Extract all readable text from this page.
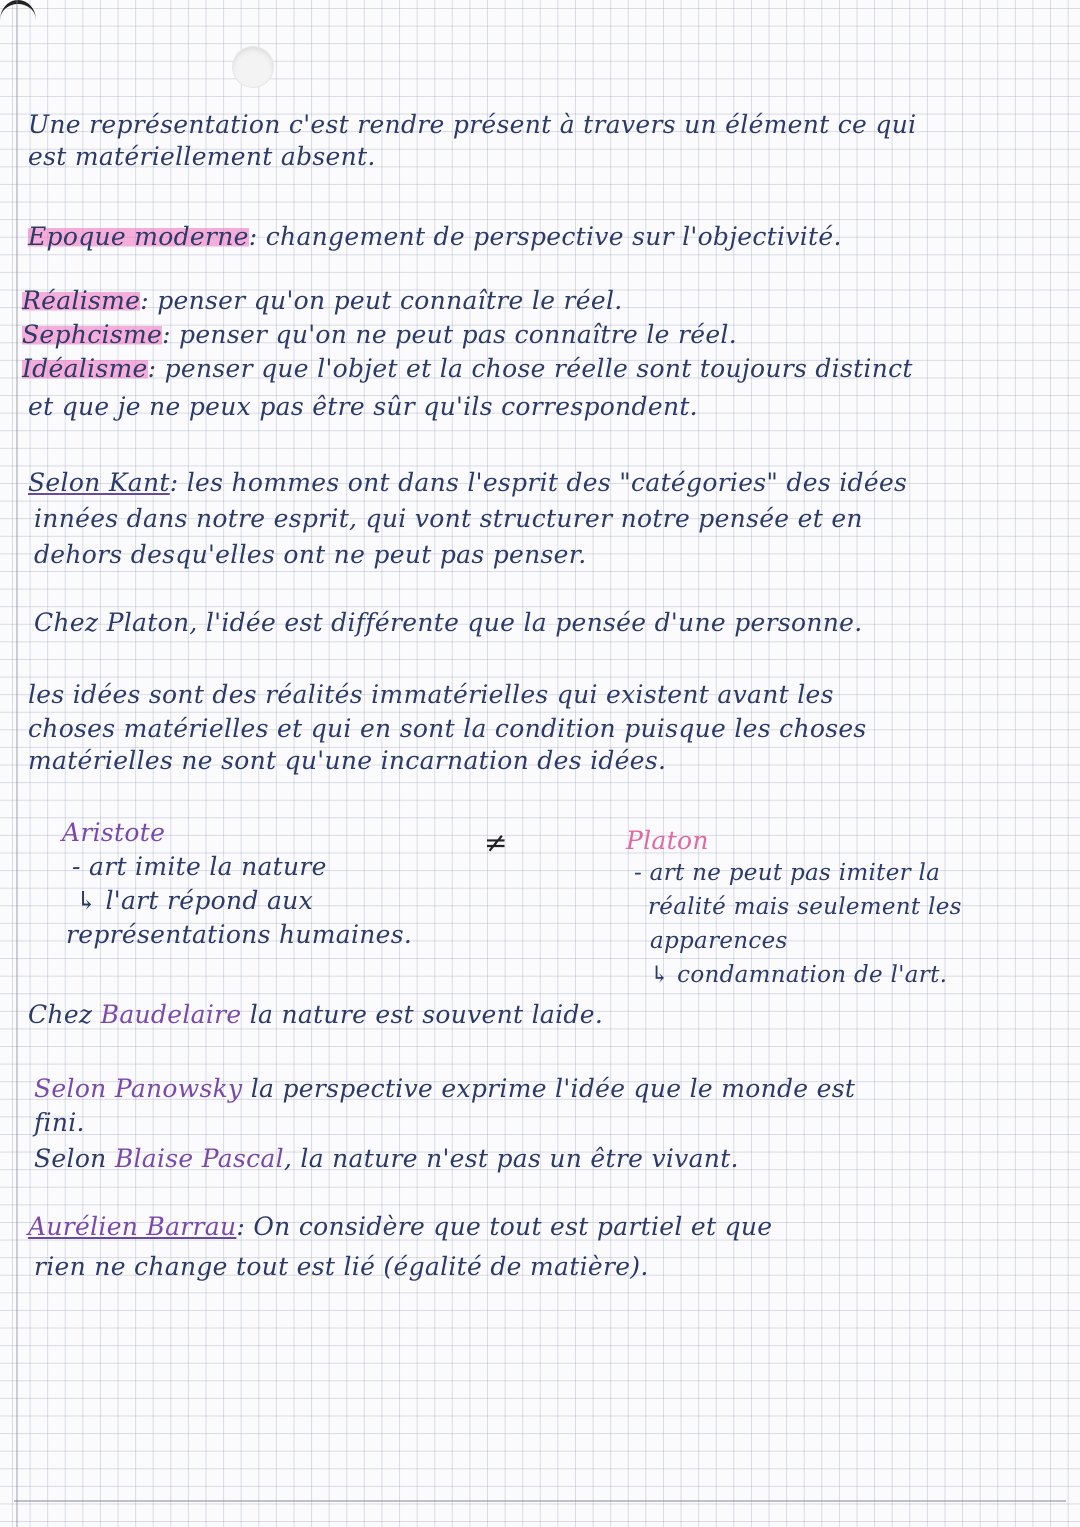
Une représentation c'est rendre présent à travers un élément ce qui

est matériellement absent.

Epoque moderne: changement de perspective sur l'objectivité.

Réalisme: penser qu'on peut connaître le réel.

Sephcisme: penser qu'on ne peut pas connaître le réel.

Idéalisme: penser que l'objet et la chose réelle sont toujours distinct

et que je ne peux pas être sûr qu'ils correspondent.

Selon Kant: les hommes ont dans l'esprit des "catégories" des idées

innées dans notre esprit, qui vont structurer notre pensée et en

dehors desqu'elles ont ne peut pas penser.

Chez Platon, l'idée est différente que la pensée d'une personne.

les idées sont des réalités immatérielles qui existent avant les

choses matérielles et qui en sont la condition puisque les choses

matérielles ne sont qu'une incarnation des idées.

Aristote

- art imite la nature

↳ l'art répond aux

représentations humaines.

≠	Platon

- art ne peut pas imiter la

réalité mais seulement les

apparences

↳ condamnation de l'art.

Chez Baudelaire la nature est souvent laide.

Selon Panowsky la perspective exprime l'idée que le monde est

fini.

Selon Blaise Pascal, la nature n'est pas un être vivant.

Aurélien Barrau: On considère que tout est partiel et que

rien ne change tout est lié (égalité de matière).
